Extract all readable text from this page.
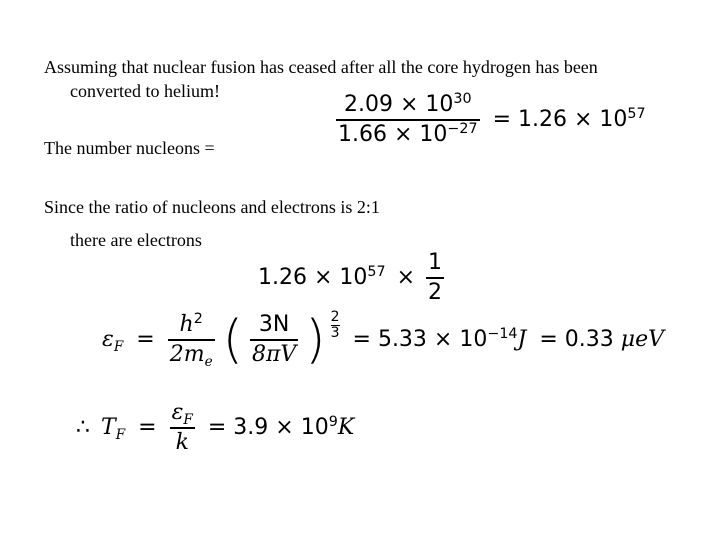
Assuming that nuclear fusion has ceased after all the core hydrogen has been
converted to helium!
The number nucleons =
Since the ratio of nucleons and electrons is 2:1
there are electrons
$\frac{2.09 \times 10^{30}}{1.66 \times 10^{-27}} = 1.26 \times 10^{57}$
$1.26 \times 10^{57} \times \frac{1}{2}$
$\varepsilon_F = \frac{h^2}{2m_e}$ ( $\frac{3N}{8\pi V}$ ) $\frac{2}{3} = 5.33 \times 10^{-14}J = 0.33$ μeV
∴ $T_F = \frac{\varepsilon_F}{k} = 3.9 \times 10^9K$
